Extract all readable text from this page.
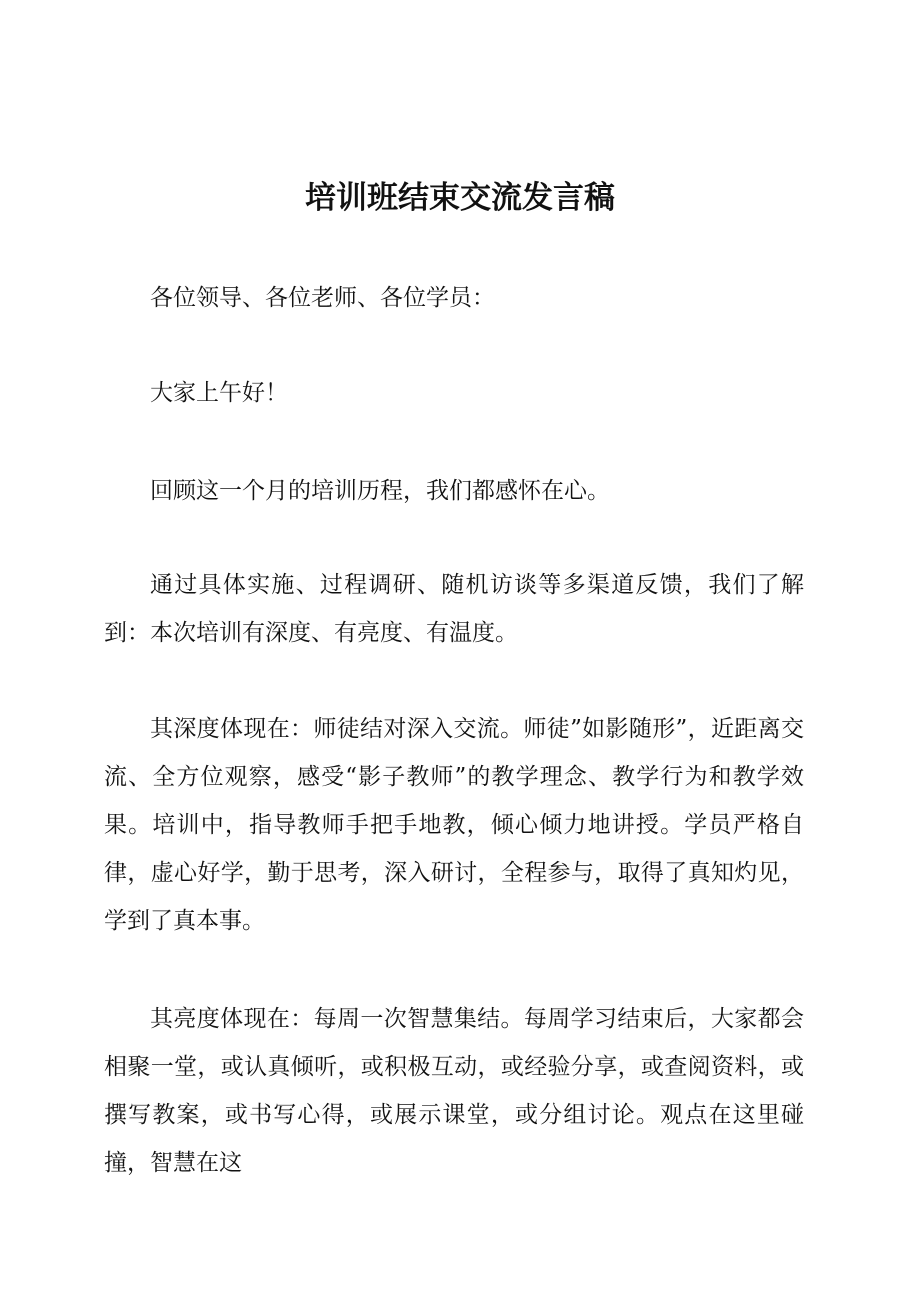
培训班结束交流发言稿

各位领导、各位老师、各位学员：

大家上午好！

回顾这一个月的培训历程，我们都感怀在心。

通过具体实施、过程调研、随机访谈等多渠道反馈，我们了解到：本次培训有深度、有亮度、有温度。

其深度体现在：师徒结对深入交流。师徒”如影随形”，近距离交流、全方位观察，感受“影子教师”的教学理念、教学行为和教学效果。培训中，指导教师手把手地教，倾心倾力地讲授。学员严格自律，虚心好学，勤于思考，深入研讨，全程参与，取得了真知灼见，学到了真本事。

其亮度体现在：每周一次智慧集结。每周学习结束后，大家都会相聚一堂，或认真倾听，或积极互动，或经验分享，或查阅资料，或撰写教案，或书写心得，或展示课堂，或分组讨论。观点在这里碰撞，智慧在这
